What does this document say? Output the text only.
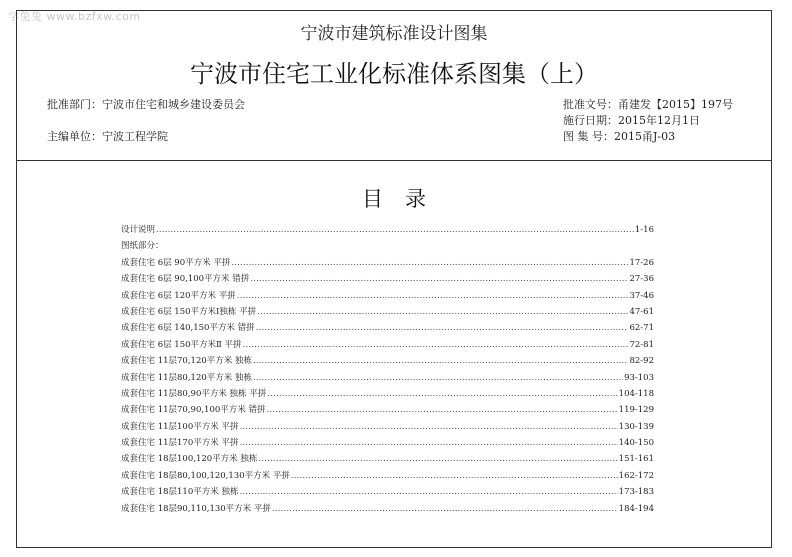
学兔兔 www.bzfxw.com
宁波市建筑标准设计图集
宁波市住宅工业化标准体系图集（上）
批准部门：宁波市住宅和城乡建设委员会
主编单位：宁波工程学院
批准文号：甬建发【2015】197号
施行日期：2015年12月1日
图 集 号：2015甬J-03
目录
设计说明 .....	1-16
图纸部分：
成套住宅 6层 90平方米 平拼 .....	17-26
成套住宅 6层 90,100平方米 错拼 .....	27-36
成套住宅 6层 120平方米 平拼 .....	37-46
成套住宅 6层 150平方米Ⅰ独栋 平拼 .....	47-61
成套住宅 6层 140,150平方米 错拼 .....	62-71
成套住宅 6层 150平方米Ⅱ 平拼 .....	72-81
成套住宅 11层70,120平方米 独栋 .....	82-92
成套住宅 11层80,120平方米 独栋 .....	93-103
成套住宅 11层80,90平方米 独栋 平拼 .....	104-118
成套住宅 11层70,90,100平方米 错拼 .....	119-129
成套住宅 11层100平方米 平拼 .....	130-139
成套住宅 11层170平方米 平拼 .....	140-150
成套住宅 18层100,120平方米 独栋 .....	151-161
成套住宅 18层80,100,120,130平方米 平拼 .....	162-172
成套住宅 18层110平方米 独栋 .....	173-183
成套住宅 18层90,110,130平方米 平拼 .....	184-194
